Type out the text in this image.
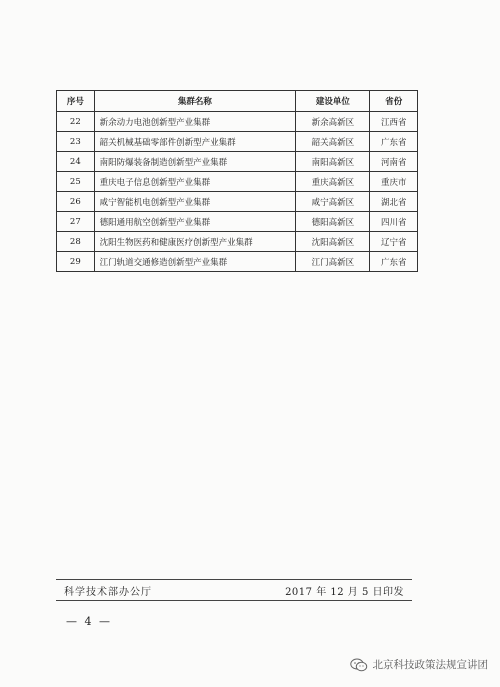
序号	集群名称	建设单位	省份
22	新余动力电池创新型产业集群	新余高新区	江西省
23	韶关机械基础零部件创新型产业集群	韶关高新区	广东省
24	南阳防爆装备制造创新型产业集群	南阳高新区	河南省
25	重庆电子信息创新型产业集群	重庆高新区	重庆市
26	咸宁智能机电创新型产业集群	咸宁高新区	湖北省
27	德阳通用航空创新型产业集群	德阳高新区	四川省
28	沈阳生物医药和健康医疗创新型产业集群	沈阳高新区	辽宁省
29	江门轨道交通修造创新型产业集群	江门高新区	广东省
科学技术部办公厅	2017 年 12 月 5 日印发
— 4 —
北京科技政策法规宣讲团
